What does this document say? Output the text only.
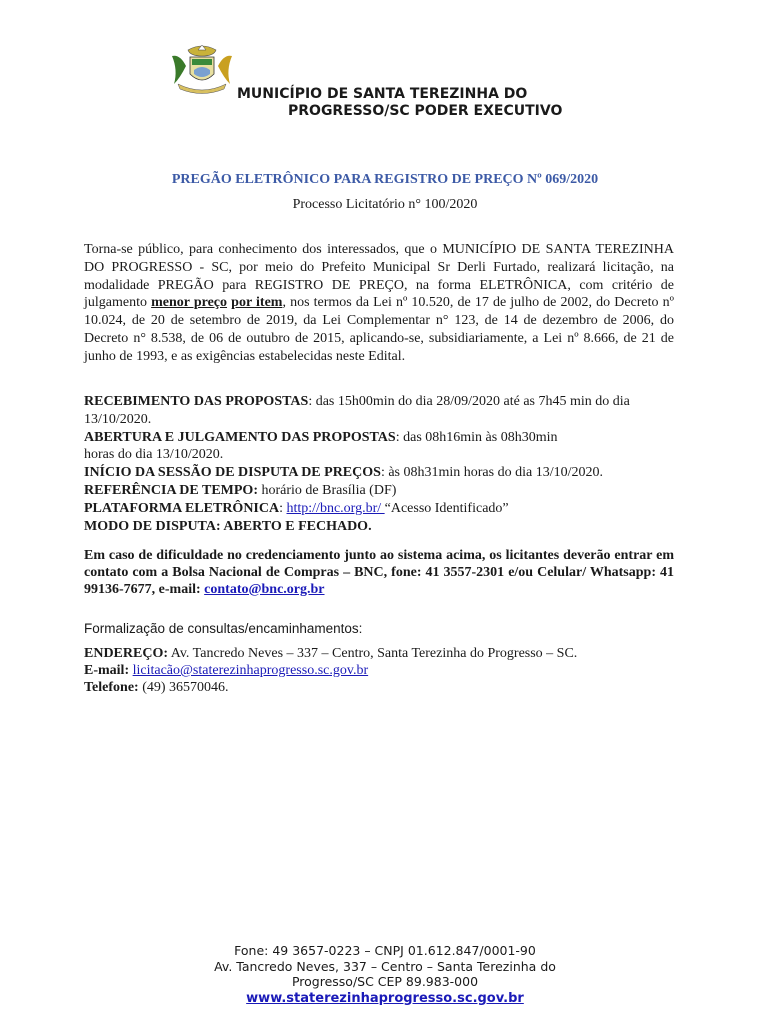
MUNICÍPIO DE SANTA TEREZINHA DO
PROGRESSO/SC PODER EXECUTIVO
PREGÃO ELETRÔNICO PARA REGISTRO DE PREÇO Nº 069/2020
Processo Licitatório n° 100/2020
Torna-se público, para conhecimento dos interessados, que o MUNICÍPIO DE SANTA TEREZINHA DO PROGRESSO - SC, por meio do Prefeito Municipal Sr Derli Furtado, realizará licitação, na modalidade PREGÃO para REGISTRO DE PREÇO, na forma ELETRÔNICA, com critério de julgamento menor preço por item, nos termos da Lei nº 10.520, de 17 de julho de 2002, do Decreto nº 10.024, de 20 de setembro de 2019, da Lei Complementar n° 123, de 14 de dezembro de 2006, do Decreto n° 8.538, de 06 de outubro de 2015, aplicando-se, subsidiariamente, a Lei nº 8.666, de 21 de junho de 1993, e as exigências estabelecidas neste Edital.

RECEBIMENTO DAS PROPOSTAS: das 15h00min do dia 28/09/2020 até as 7h45 min do dia 13/10/2020.

ABERTURA E JULGAMENTO DAS PROPOSTAS: das 08h16min às 08h30min
horas do dia 13/10/2020.

INÍCIO DA SESSÃO DE DISPUTA DE PREÇOS: às 08h31min horas do dia 13/10/2020.

REFERÊNCIA DE TEMPO: horário de Brasília (DF)

PLATAFORMA ELETRÔNICA: http://bnc.org.br/ “Acesso Identificado”

MODO DE DISPUTA: ABERTO E FECHADO.

Em caso de dificuldade no credenciamento junto ao sistema acima, os licitantes deverão entrar em contato com a Bolsa Nacional de Compras – BNC, fone: 41 3557-2301 e/ou Celular/ Whatsapp: 41 99136-7677, e-mail: contato@bnc.org.br
Formalização de consultas/encaminhamentos:

ENDEREÇO: Av. Tancredo Neves – 337 – Centro, Santa Terezinha do Progresso – SC.

E-mail: licitacão@staterezinhaprogresso.sc.gov.br

Telefone: (49) 36570046.

Fone: 49 3657-0223 – CNPJ 01.612.847/0001-90

Av. Tancredo Neves, 337 – Centro – Santa Terezinha do

Progresso/SC CEP 89.983-000

www.staterezinhaprogresso.sc.gov.br
